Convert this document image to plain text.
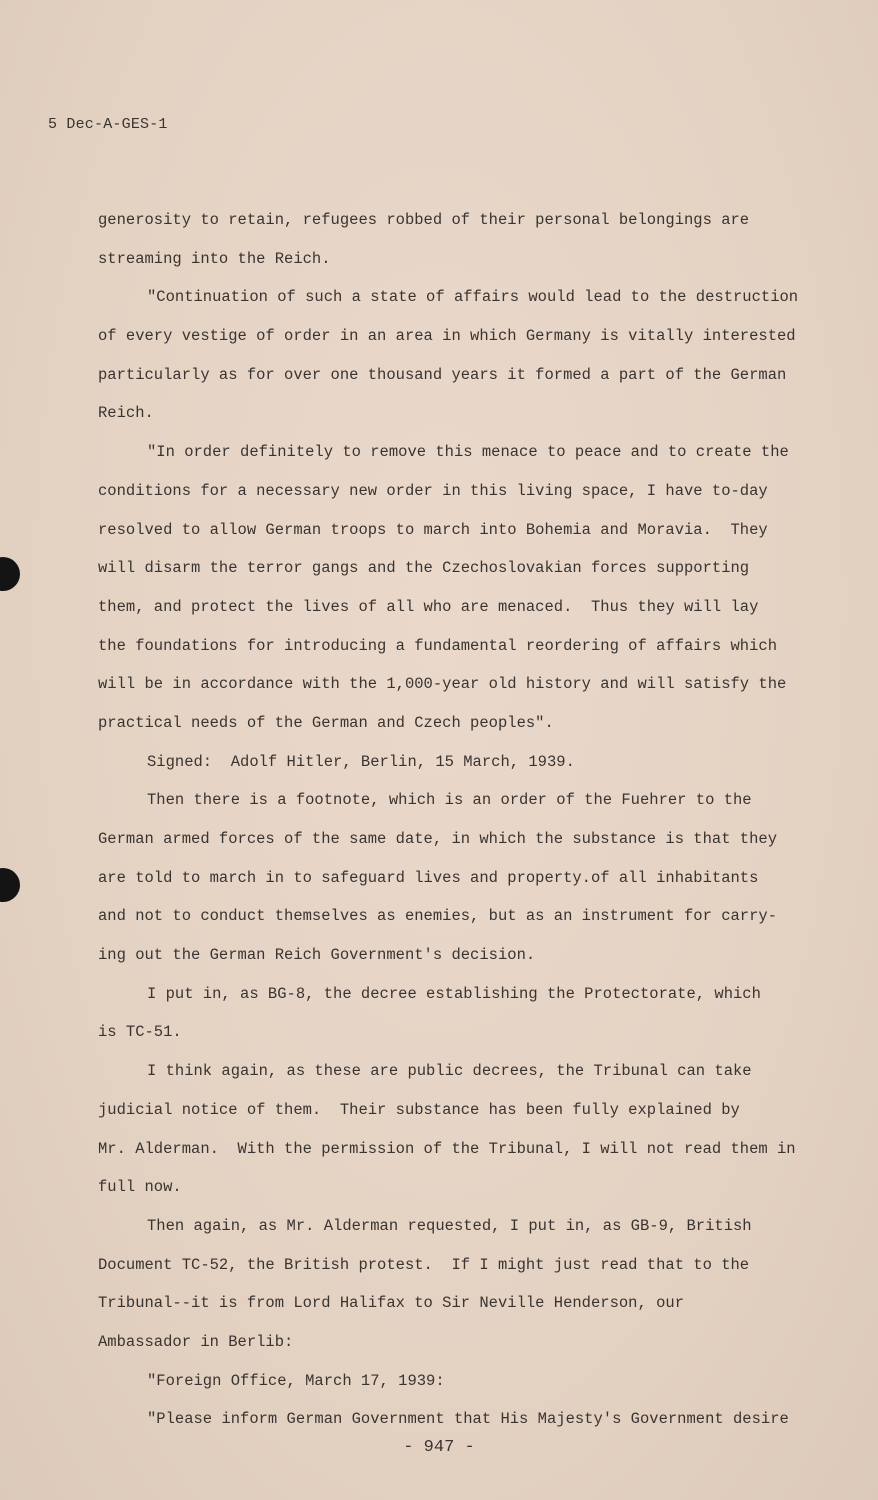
5 Dec-A-GES-1
generosity to retain, refugees robbed of their personal belongings are
streaming into the Reich.
"Continuation of such a state of affairs would lead to the destruction
of every vestige of order in an area in which Germany is vitally interested
particularly as for over one thousand years it formed a part of the German
Reich.
"In order definitely to remove this menace to peace and to create the
conditions for a necessary new order in this living space, I have to-day
resolved to allow German troops to march into Bohemia and Moravia.  They
will disarm the terror gangs and the Czechoslovakian forces supporting
them, and protect the lives of all who are menaced.  Thus they will lay
the foundations for introducing a fundamental reordering of affairs which
will be in accordance with the 1,000-year old history and will satisfy the
practical needs of the German and Czech peoples".
Signed:  Adolf Hitler, Berlin, 15 March, 1939.
Then there is a footnote, which is an order of the Fuehrer to the
German armed forces of the same date, in which the substance is that they
are told to march in to safeguard lives and property.of all inhabitants
and not to conduct themselves as enemies, but as an instrument for carry-
ing out the German Reich Government's decision.
I put in, as BG-8, the decree establishing the Protectorate, which
is TC-51.
I think again, as these are public decrees, the Tribunal can take
judicial notice of them.  Their substance has been fully explained by
Mr. Alderman.  With the permission of the Tribunal, I will not read them in
full now.
Then again, as Mr. Alderman requested, I put in, as GB-9, British
Document TC-52, the British protest.  If I might just read that to the
Tribunal--it is from Lord Halifax to Sir Neville Henderson, our
Ambassador in Berlib:
"Foreign Office, March 17, 1939:
"Please inform German Government that His Majesty's Government desire
- 947 -
